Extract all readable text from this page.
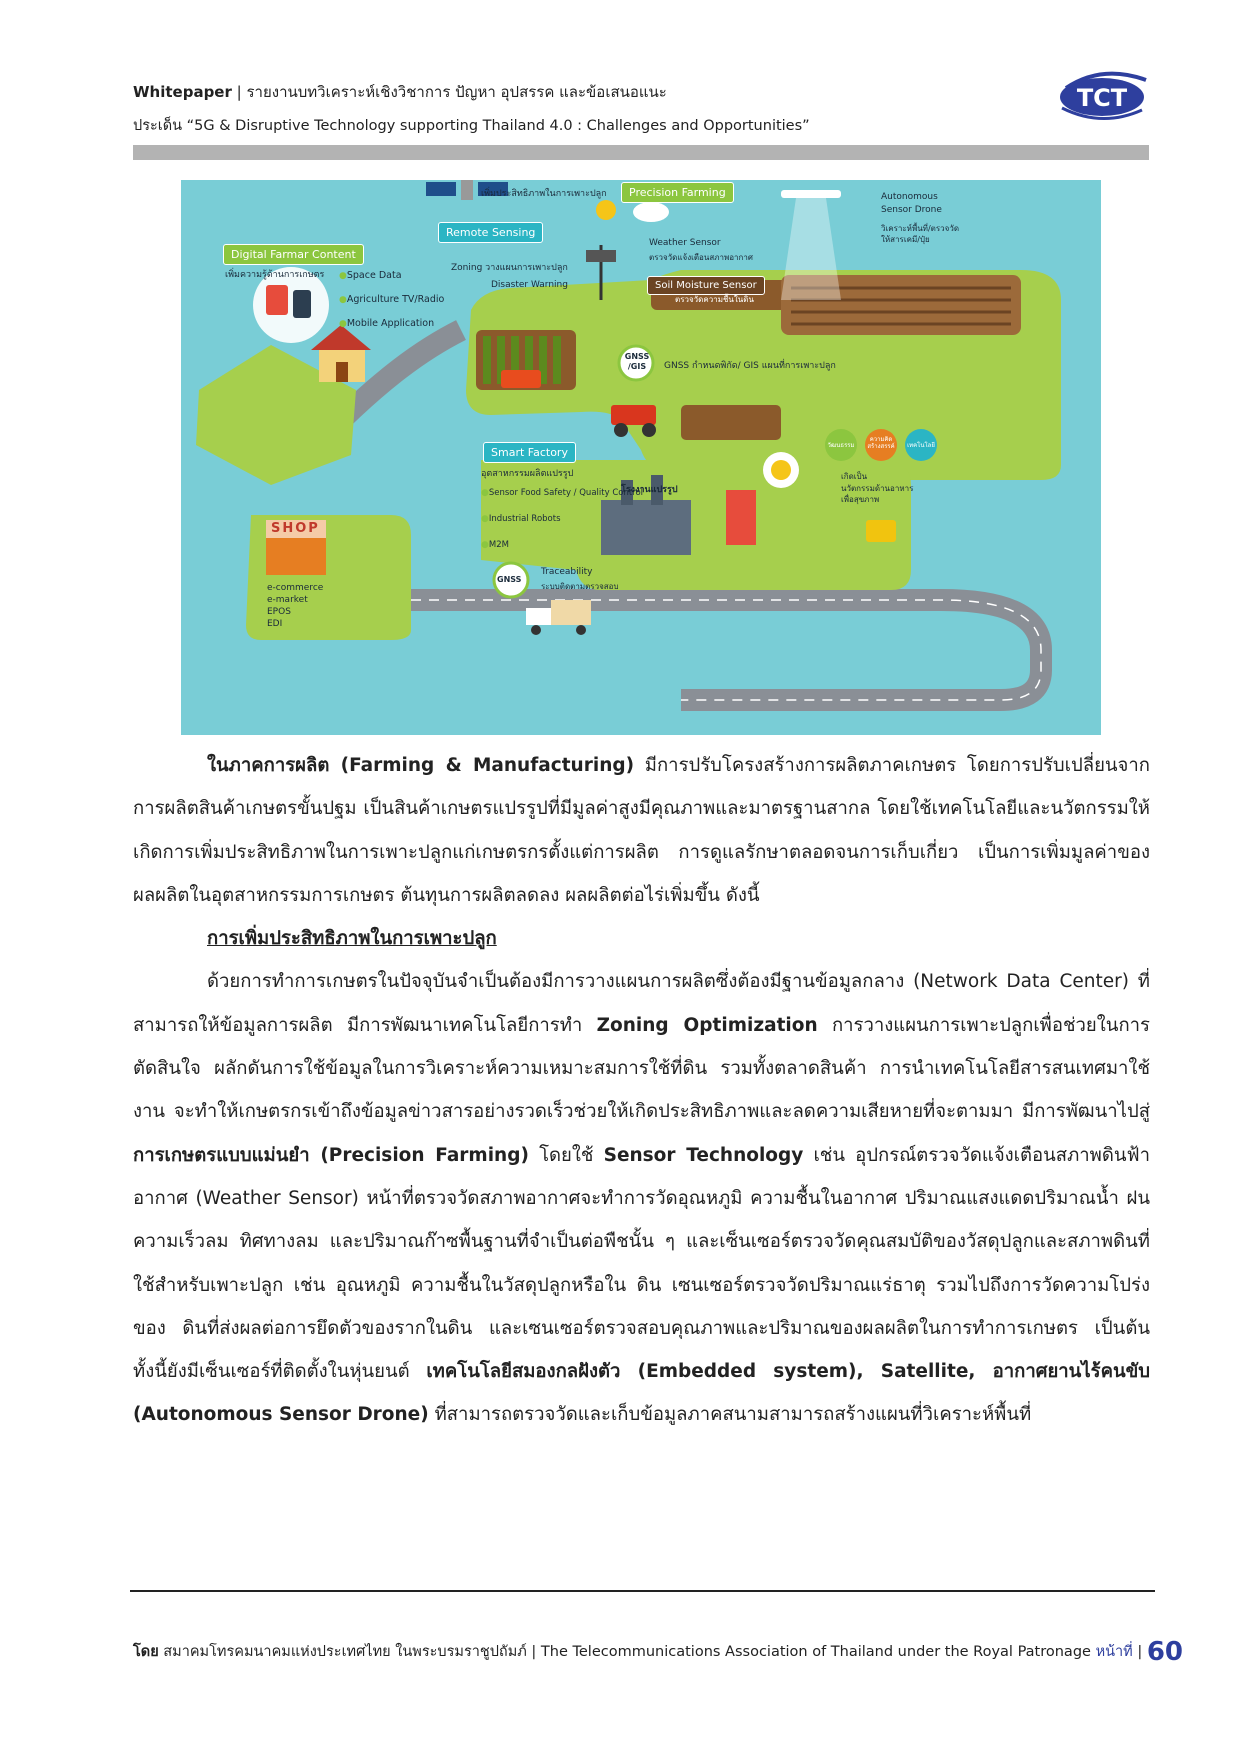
Whitepaper | รายงานบทวิเคราะห์เชิงวิชาการ ปัญหา อุปสรรค และข้อเสนอแนะ
ประเด็น “5G & Disruptive Technology supporting Thailand 4.0 : Challenges and Opportunities”
TCT
Digital Farmar Content
เพิ่มความรู้ด้านการเกษตร
●	Space Data
● Agriculture TV/Radio
● Mobile Application
เพิ่มประสิทธิภาพในการเพาะปลูก	Precision Farming
Remote Sensing
Zoning วางแผนการเพาะปลูก
Disaster Warning
Weather Sensor
ตรวจวัดแจ้งเตือนสภาพอากาศ
Soil Moisture Sensor
ตรวจวัดความชื้นในดิน
Autonomous
Sensor Drone
วิเคราะห์พื้นที่/ตรวจวัด
ให้สารเคมี/ปุ๋ย
GNSS /GIS	GNSS กำหนดพิกัด/ GIS แผนที่การเพาะปลูก
Smart Factory
อุตสาหกรรมผลิตแปรรูป
● Sensor Food Safety / Quality Control
● Industrial Robots
● M2M
โรงงานแปรรูป
GNSS
Traceability
ระบบติดตามตรวจสอบ
SHOP
e-commerce
e-market
EPOS
EDI
วัฒนธรรม
ความคิดสร้างสรรค์ เทคโนโลยี
เกิดเป็น
นวัตกรรมด้านอาหาร
เพื่อสุขภาพ

ในภาคการผลิต (Farming & Manufacturing) มีการปรับโครงสร้างการผลิตภาคเกษตร โดยการปรับเปลี่ยนจากการผลิตสินค้าเกษตรขั้นปฐม เป็นสินค้าเกษตรแปรรูปที่มีมูลค่าสูงมีคุณภาพและมาตรฐานสากล โดยใช้เทคโนโลยีและนวัตกรรมให้เกิดการเพิ่มประสิทธิภาพในการเพาะปลูกแก่เกษตรกรตั้งแต่การผลิต การดูแลรักษาตลอดจนการเก็บเกี่ยว เป็นการเพิ่มมูลค่าของผลผลิตในอุตสาหกรรมการเกษตร ต้นทุนการผลิตลดลง ผลผลิตต่อไร่เพิ่มขึ้น ดังนี้

การเพิ่มประสิทธิภาพในการเพาะปลูก

ด้วยการทำการเกษตรในปัจจุบันจำเป็นต้องมีการวางแผนการผลิตซึ่งต้องมีฐานข้อมูลกลาง (Network Data Center) ที่สามารถให้ข้อมูลการผลิต มีการพัฒนาเทคโนโลยีการทำ Zoning Optimization การวางแผนการเพาะปลูกเพื่อช่วยในการตัดสินใจ ผลักดันการใช้ข้อมูลในการวิเคราะห์ความเหมาะสมการใช้ที่ดิน รวมทั้งตลาดสินค้า การนำเทคโนโลยีสารสนเทศมาใช้งาน จะทำให้เกษตรกรเข้าถึงข้อมูลข่าวสารอย่างรวดเร็วช่วยให้เกิดประสิทธิภาพและลดความเสียหายที่จะตามมา มีการพัฒนาไปสู่การเกษตรแบบแม่นยำ (Precision Farming) โดยใช้ Sensor Technology เช่น อุปกรณ์ตรวจวัดแจ้งเตือนสภาพดินฟ้าอากาศ (Weather Sensor) หน้าที่ตรวจวัดสภาพอากาศจะทำการวัดอุณหภูมิ ความชื้นในอากาศ ปริมาณแสงแดดปริมาณน้ำ ฝน ความเร็วลม ทิศทางลม และปริมาณก๊าซพื้นฐานที่จำเป็นต่อพืชนั้น ๆ และเซ็นเซอร์ตรวจวัดคุณสมบัติของวัสดุปลูกและสภาพดินที่ใช้สำหรับเพาะปลูก เช่น อุณหภูมิ ความชื้นในวัสดุปลูกหรือใน ดิน เซนเซอร์ตรวจวัดปริมาณแร่ธาตุ รวมไปถึงการวัดความโปร่งของ ดินที่ส่งผลต่อการยึดตัวของรากในดิน และเซนเซอร์ตรวจสอบคุณภาพและปริมาณของผลผลิตในการทำการเกษตร เป็นต้น ทั้งนี้ยังมีเซ็นเซอร์ที่ติดตั้งในหุ่นยนต์ เทคโนโลยีสมองกลฝังตัว (Embedded system), Satellite, อากาศยานไร้คนขับ (Autonomous Sensor Drone) ที่สามารถตรวจวัดและเก็บข้อมูลภาคสนามสามารถสร้างแผนที่วิเคราะห์พื้นที่

โดย สมาคมโทรคมนาคมแห่งประเทศไทย ในพระบรมราชูปถัมภ์ | The Telecommunications Association of Thailand under the Royal Patronage หน้าที่ | 60
